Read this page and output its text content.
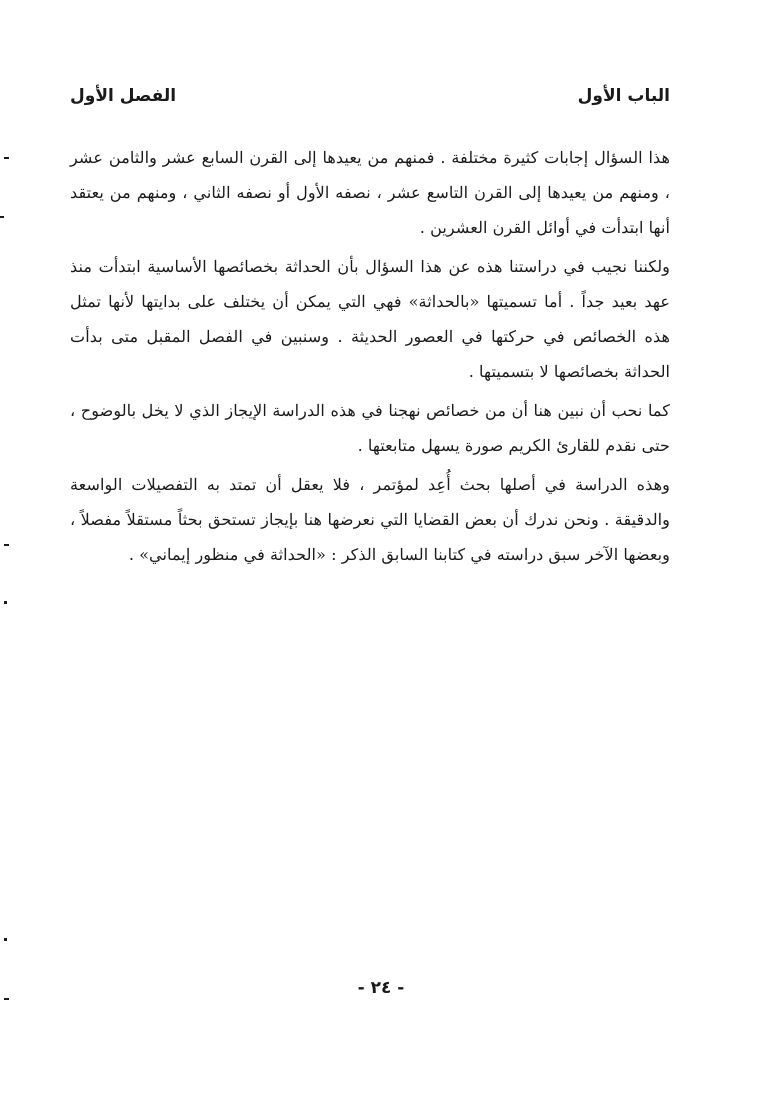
الباب الأول
الفصل الأول

هذا السؤال إجابات كثيرة مختلفة . فمنهم من يعيدها إلى القرن السابع عشر والثامن عشر ، ومنهم من يعيدها إلى القرن التاسع عشر ، نصفه الأول أو نصفه الثاني ، ومنهم من يعتقد أنها ابتدأت في أوائل القرن العشرين .

ولكننا نجيب في دراستنا هذه عن هذا السؤال بأن الحداثة بخصائصها الأساسية ابتدأت منذ عهد بعيد جداً . أما تسميتها «بالحداثة» فهي التي يمكن أن يختلف على بدايتها لأنها تمثل هذه الخصائص في حركتها في العصور الحديثة . وسنبين في الفصل المقبل متى بدأت الحداثة بخصائصها لا بتسميتها .

كما نحب أن نبين هنا أن من خصائص نهجنا في هذه الدراسة الإيجاز الذي لا يخل بالوضوح ، حتى نقدم للقارئ الكريم صورة يسهل متابعتها .

وهذه الدراسة في أصلها بحث أُعِد لمؤتمر ، فلا يعقل أن تمتد به التفصيلات الواسعة والدقيقة . ونحن ندرك أن بعض القضايا التي نعرضها هنا بإيجاز تستحق بحثاً مستقلاً مفصلاً ، وبعضها الآخر سبق دراسته في كتابنا السابق الذكر : «الحداثة في منظور إيماني» .

- ٢٤ -
